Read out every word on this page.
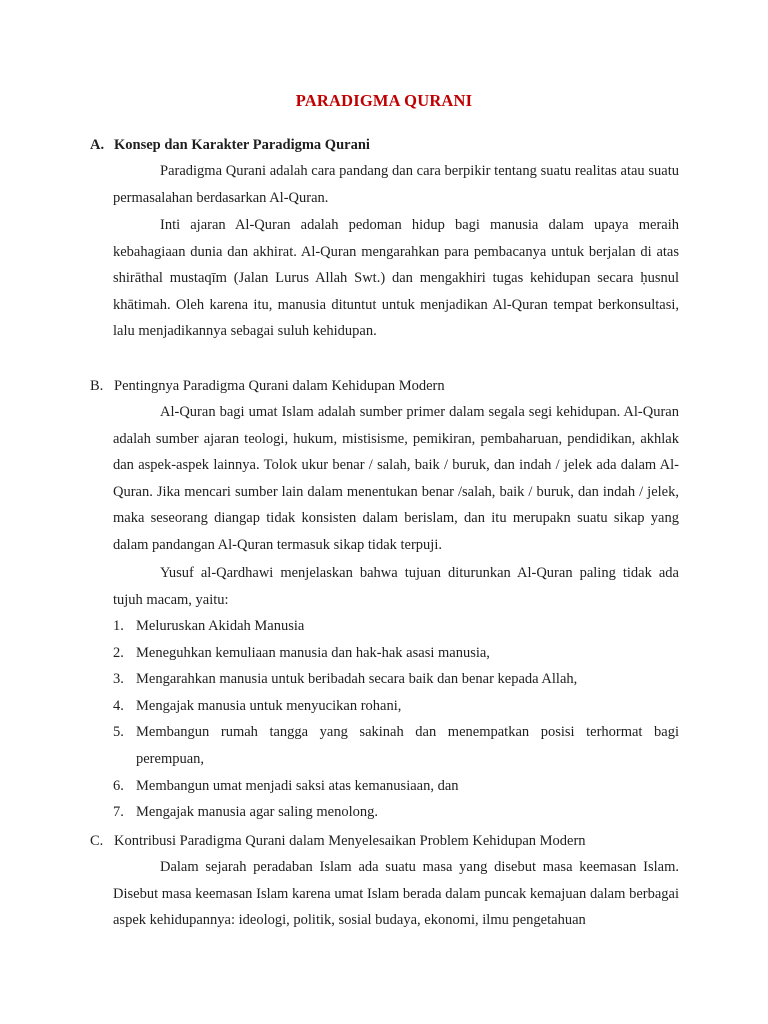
PARADIGMA QURANI
A. Konsep dan Karakter Paradigma Qurani

Paradigma Qurani adalah cara pandang dan cara berpikir tentang suatu realitas atau suatu permasalahan berdasarkan Al-Quran.

Inti ajaran Al-Quran adalah pedoman hidup bagi manusia dalam upaya meraih kebahagiaan dunia dan akhirat. Al-Quran mengarahkan para pembacanya untuk berjalan di atas shirāthal mustaqīm (Jalan Lurus Allah Swt.) dan mengakhiri tugas kehidupan secara ḥusnul khātimah. Oleh karena itu, manusia dituntut untuk menjadikan Al-Quran tempat berkonsultasi, lalu menjadikannya sebagai suluh kehidupan.

B. Pentingnya Paradigma Qurani dalam Kehidupan Modern

Al-Quran bagi umat Islam adalah sumber primer dalam segala segi kehidupan. Al-Quran adalah sumber ajaran teologi, hukum, mistisisme, pemikiran, pembaharuan, pendidikan, akhlak dan aspek-aspek lainnya. Tolok ukur benar / salah, baik / buruk, dan indah / jelek ada dalam Al-Quran. Jika mencari sumber lain dalam menentukan benar /salah, baik / buruk, dan indah / jelek, maka seseorang diangap tidak konsisten dalam berislam, dan itu merupakn suatu sikap yang dalam pandangan Al-Quran termasuk sikap tidak terpuji.

Yusuf al-Qardhawi menjelaskan bahwa tujuan diturunkan Al-Quran paling tidak ada tujuh macam, yaitu:

1. Meluruskan Akidah Manusia
2. Meneguhkan kemuliaan manusia dan hak-hak asasi manusia,
3. Mengarahkan manusia untuk beribadah secara baik dan benar kepada Allah,
4. Mengajak manusia untuk menyucikan rohani,
5. Membangun rumah tangga yang sakinah dan menempatkan posisi terhormat bagi perempuan,
6. Membangun umat menjadi saksi atas kemanusiaan, dan
7. Mengajak manusia agar saling menolong.
C. Kontribusi Paradigma Qurani dalam Menyelesaikan Problem Kehidupan Modern

Dalam sejarah peradaban Islam ada suatu masa yang disebut masa keemasan Islam. Disebut masa keemasan Islam karena umat Islam berada dalam puncak kemajuan dalam berbagai aspek kehidupannya: ideologi, politik, sosial budaya, ekonomi, ilmu pengetahuan
